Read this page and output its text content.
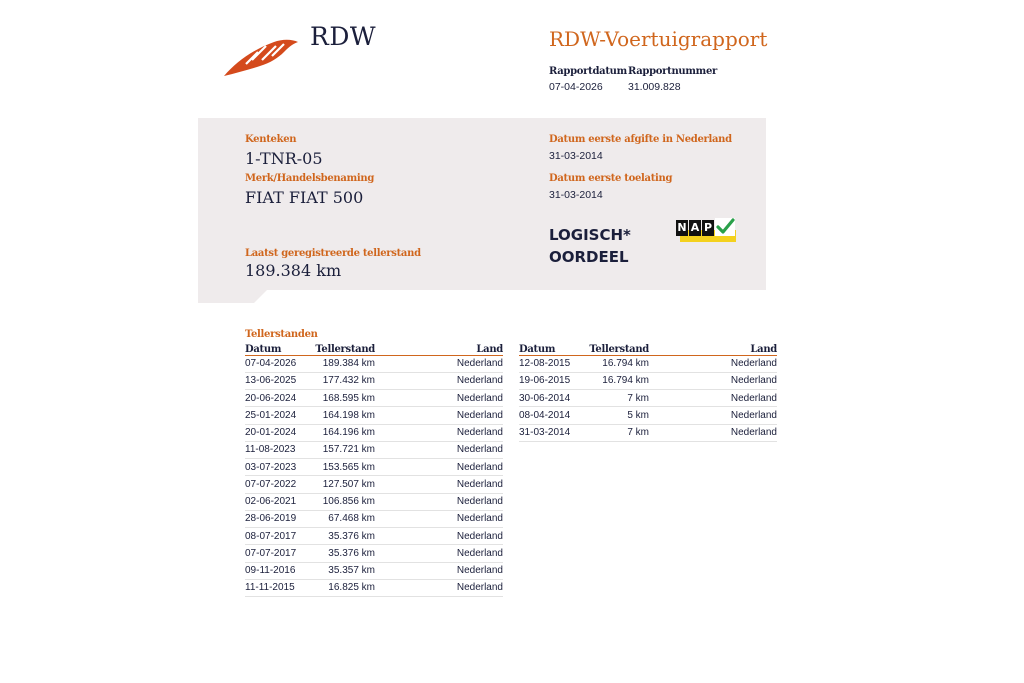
RDW	RDW-Voertuigrapport
Rapportdatum
07-04-2026
Rapportnummer
31.009.828
Kenteken
1-TNR-05
Merk/Handelsbenaming
FIAT FIAT 500
Laatst geregistreerde tellerstand
189.384 km
Datum eerste afgifte in Nederland
31-03-2014
Datum eerste toelating
31-03-2014
LOGISCH*
OORDEEL
N A P
Tellerstanden
Datum	Tellerstand	Land
07-04-2026	189.384 km	Nederland
13-06-2025	177.432 km	Nederland
20-06-2024	168.595 km	Nederland
25-01-2024	164.198 km	Nederland
20-01-2024	164.196 km	Nederland
11-08-2023	157.721 km	Nederland
03-07-2023	153.565 km	Nederland
07-07-2022	127.507 km	Nederland
02-06-2021	106.856 km	Nederland
28-06-2019	67.468 km	Nederland
08-07-2017	35.376 km	Nederland
07-07-2017	35.376 km	Nederland
09-11-2016	35.357 km	Nederland
11-11-2015	16.825 km	Nederland
Datum	Tellerstand	Land
12-08-2015	16.794 km	Nederland
19-06-2015	16.794 km	Nederland
30-06-2014	7 km	Nederland
08-04-2014	5 km	Nederland
31-03-2014	7 km	Nederland
